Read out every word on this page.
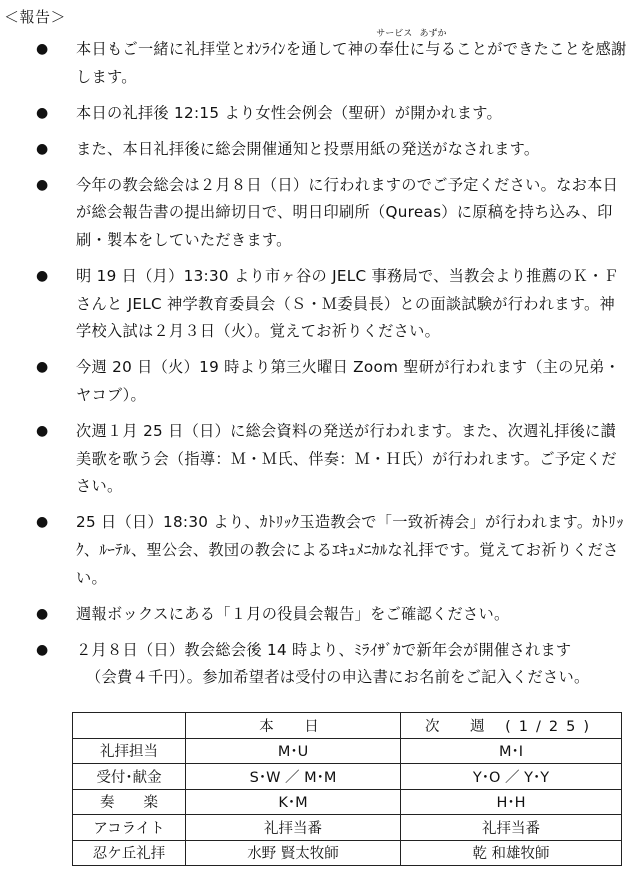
＜報告＞
● 本日もご一緒に礼拝堂とｵﾝﾗｲﾝを通して神の
サービス
奉仕に
あずか
与ることができたことを感謝します。
● 本日の礼拝後 12:15 より女性会例会（聖研）が開かれます。
● また、本日礼拝後に総会開催通知と投票用紙の発送がなされます。
● 今年の教会総会は２月８日（日）に行われますのでご予定ください。なお本日が総会報告書の提出締切日で、明日印刷所（Qureas）に原稿を持ち込み、印刷・製本をしていただきます。
● 明 19 日（月）13:30 より市ヶ谷の JELC 事務局で、当教会より推薦のＫ・Ｆさんと JELC 神学教育委員会（Ｓ・Ｍ委員長）との面談試験が行われます。神学校入試は２月３日（火）。覚えてお祈りください。
● 今週 20 日（火）19 時より第三火曜日 Zoom 聖研が行われます（主の兄弟・ヤコブ）。
● 次週１月 25 日（日）に総会資料の発送が行われます。また、次週礼拝後に讃美歌を歌う会（指導：Ｍ・Ｍ氏、伴奏：Ｍ・Ｈ氏）が行われます。ご予定ください。
● 25 日（日）18:30 より、ｶﾄﾘｯｸ玉造教会で「一致祈祷会」が行われます。ｶﾄﾘｯｸ、ﾙｰﾃﾙ、聖公会、教団の教会によるｴｷｭﾒﾆｶﾙな礼拝です。覚えてお祈りください。
● 週報ボックスにある「１月の役員会報告」をご確認ください。
● ２月８日（日）教会総会後 14 時より、ﾐﾗｲｻﾞｶで新年会が開催されます
（会費４千円）。参加希望者は受付の申込書にお名前をご記入ください。
	本　日	次　週 (1/25)
礼拝担当	M･U	M･I
受付･献金	S･W ／ M･M	Y･O ／ Y･Y
奏　　楽	K･M	H･H
アコライト	礼拝当番	礼拝当番
忍ケ丘礼拝	水野 賢太牧師	乾 和雄牧師
